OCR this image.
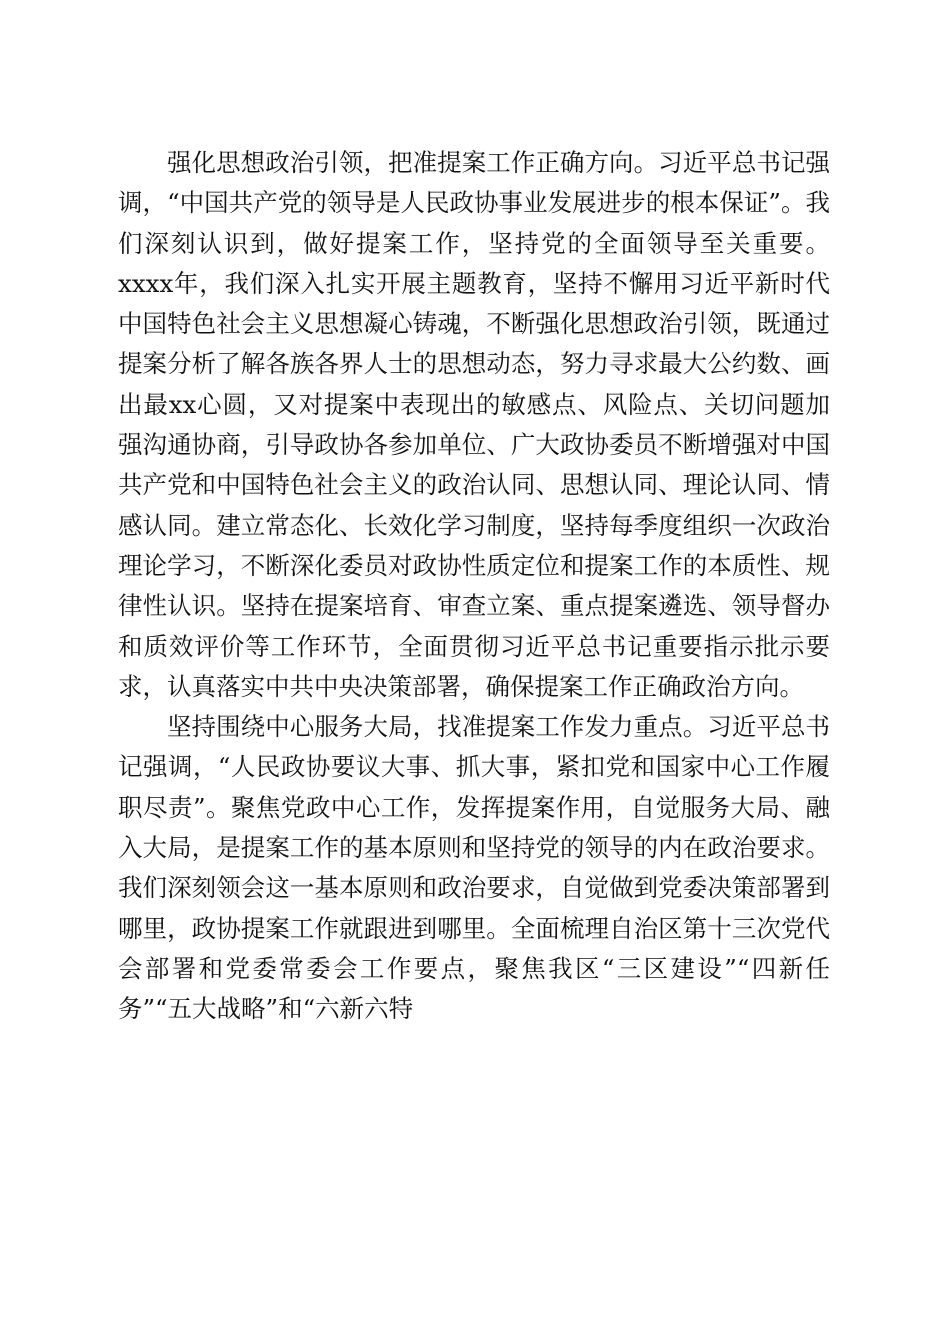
强化思想政治引领，把准提案工作正确方向。习近平总书记强调，“中国共产党的领导是人民政协事业发展进步的根本保证”。我们深刻认识到，做好提案工作，坚持党的全面领导至关重要。xxxx年，我们深入扎实开展主题教育，坚持不懈用习近平新时代中国特色社会主义思想凝心铸魂，不断强化思想政治引领，既通过提案分析了解各族各界人士的思想动态，努力寻求最大公约数、画出最xx心圆，又对提案中表现出的敏感点、风险点、关切问题加强沟通协商，引导政协各参加单位、广大政协委员不断增强对中国共产党和中国特色社会主义的政治认同、思想认同、理论认同、情感认同。建立常态化、长效化学习制度，坚持每季度组织一次政治理论学习，不断深化委员对政协性质定位和提案工作的本质性、规律性认识。坚持在提案培育、审查立案、重点提案遴选、领导督办和质效评价等工作环节，全面贯彻习近平总书记重要指示批示要求，认真落实中共中央决策部署，确保提案工作正确政治方向。

坚持围绕中心服务大局，找准提案工作发力重点。习近平总书记强调，“人民政协要议大事、抓大事，紧扣党和国家中心工作履职尽责”。聚焦党政中心工作，发挥提案作用，自觉服务大局、融入大局，是提案工作的基本原则和坚持党的领导的内在政治要求。我们深刻领会这一基本原则和政治要求，自觉做到党委决策部署到哪里，政协提案工作就跟进到哪里。全面梳理自治区第十三次党代会部署和党委常委会工作要点，聚焦我区“三区建设”“四新任务”“五大战略”和“六新六特
